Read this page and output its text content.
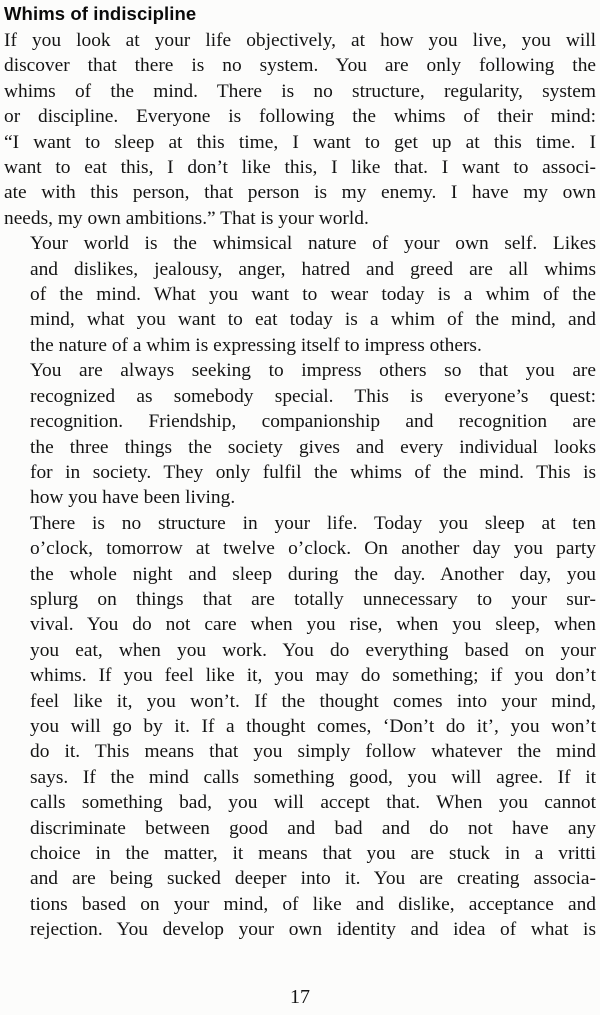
Whims of indiscipline
If you look at your life objectively, at how you live, you will
discover that there is no system. You are only following the
whims of the mind. There is no structure, regularity, system
or discipline. Everyone is following the whims of their mind:
“I want to sleep at this time, I want to get up at this time. I
want to eat this, I don’t like this, I like that. I want to associ-
ate with this person, that person is my enemy. I have my own
needs, my own ambitions.” That is your world.
Your world is the whimsical nature of your own self. Likes
and dislikes, jealousy, anger, hatred and greed are all whims
of the mind. What you want to wear today is a whim of the
mind, what you want to eat today is a whim of the mind, and
the nature of a whim is expressing itself to impress others.
You are always seeking to impress others so that you are
recognized as somebody special. This is everyone’s quest:
recognition. Friendship, companionship and recognition are
the three things the society gives and every individual looks
for in society. They only fulfil the whims of the mind. This is
how you have been living.
There is no structure in your life. Today you sleep at ten
o’clock, tomorrow at twelve o’clock. On another day you party
the whole night and sleep during the day. Another day, you
splurg on things that are totally unnecessary to your sur-
vival. You do not care when you rise, when you sleep, when
you eat, when you work. You do everything based on your
whims. If you feel like it, you may do something; if you don’t
feel like it, you won’t. If the thought comes into your mind,
you will go by it. If a thought comes, ‘Don’t do it’, you won’t
do it. This means that you simply follow whatever the mind
says. If the mind calls something good, you will agree. If it
calls something bad, you will accept that. When you cannot
discriminate between good and bad and do not have any
choice in the matter, it means that you are stuck in a vritti
and are being sucked deeper into it. You are creating associa-
tions based on your mind, of like and dislike, acceptance and
rejection. You develop your own identity and idea of what is
17
